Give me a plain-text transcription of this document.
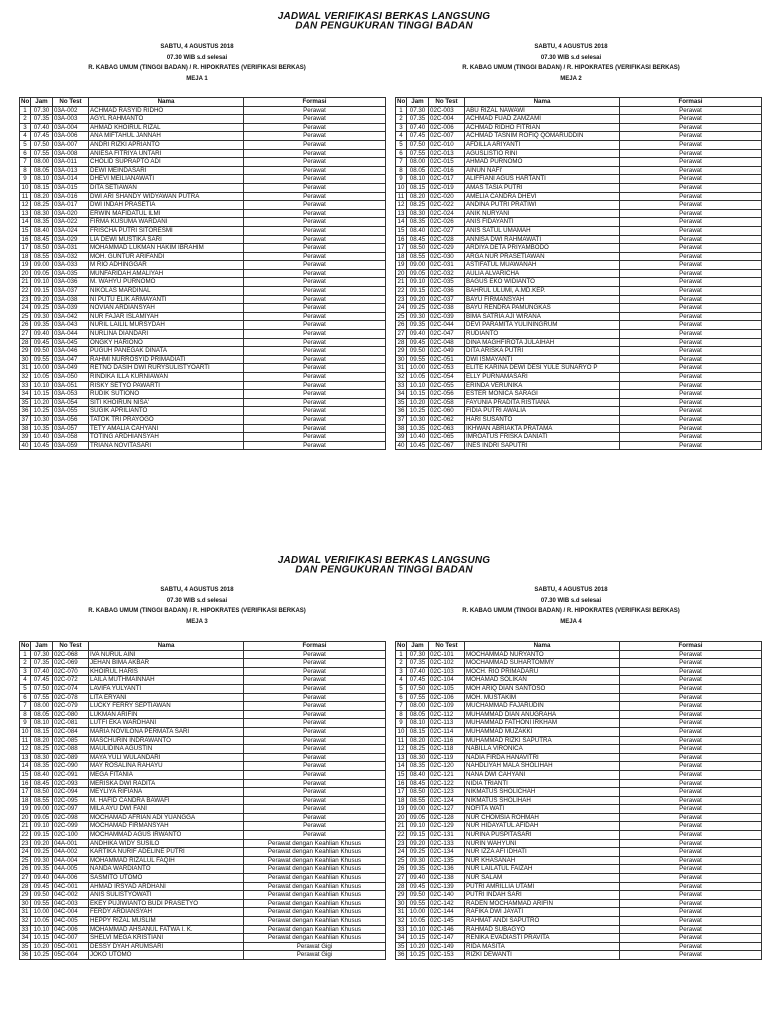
JADWAL VERIFIKASI BERKAS LANGSUNG
DAN PENGUKURAN TINGGI BADAN
SABTU, 4 AGUSTUS 2018
07.30 WIB s.d selesai
R. KABAG UMUM (TINGGI BADAN) / R. HIPOKRATES (VERIFIKASI BERKAS)
MEJA 1
SABTU, 4 AGUSTUS 2018
07.30 WIB s.d selesai
R. KABAG UMUM (TINGGI BADAN) / R. HIPOKRATES (VERIFIKASI BERKAS)
MEJA 2
No	Jam	No Test	Nama	Formasi
1	07.30	03A-002	ACHMAD RASYID RIDHO	Perawat
2	07.35	03A-003	AGYL RAHMANTO	Perawat
3	07.40	03A-004	AHMAD KHOIRUL RIZAL	Perawat
4	07.45	03A-006	ANA MIFTAHUL JANNAH	Perawat
5	07.50	03A-007	ANDRI RIZKI APRIANTO	Perawat
6	07.55	03A-008	ANIESA FITRIYA UNTARI	Perawat
7	08.00	03A-011	CHOLID SUPRAPTO ADI	Perawat
8	08.05	03A-013	DEWI MEINDASARI	Perawat
9	08.10	03A-014	DHEVI MEILIANAWATI	Perawat
10	08.15	03A-015	DITA SETIAWAN	Perawat
11	08.20	03A-016	DWI ARI SHANDY WIDYAWAN PUTRA	Perawat
12	08.25	03A-017	DWI INDAH PRASETIA	Perawat
13	08.30	03A-020	ERWIN MAFIDATUL ILMI	Perawat
14	08.35	03A-022	FIRMA KUSUMA WARDANI	Perawat
15	08.40	03A-024	FRISCHA PUTRI SITORESMI	Perawat
16	08.45	03A-029	LIA DEWI MUSTIKA SARI	Perawat
17	08.50	03A-031	MOHAMMAD LUKMAN HAKIM IBRAHIM	Perawat
18	08.55	03A-032	MOH. GUNTUR ARIFANDI	Perawat
19	09.00	03A-033	M RIO ADHINGGAR	Perawat
20	09.05	03A-035	MUNFARIDAH AMALIYAH	Perawat
21	09.10	03A-036	M. WAHYU PURNOMO	Perawat
22	09.15	03A-037	NIKOLAS MARDINAL	Perawat
23	09.20	03A-038	NI PUTU ELIK ARMAYANTI	Perawat
24	09.25	03A-039	NOVIAN ARDIANSYAH	Perawat
25	09.30	03A-042	NUR FAJAR ISLAMIYAH	Perawat
26	09.35	03A-043	NURIL LAILIL MURSYDAH	Perawat
27	09.40	03A-044	NURLINA DIANDARI	Perawat
28	09.45	03A-045	ONGKY HARIONO	Perawat
29	09.50	03A-046	PUGUH PANEGAK DINATA	Perawat
30	09.55	03A-047	RAHMI NURROSYID PRIMADIATI	Perawat
31	10.00	03A-049	RETNO DASIH DWI RURYSULISTYOARTI	Perawat
32	10.05	03A-050	RINDIKA ILLA KURNIAWAN	Perawat
33	10.10	03A-051	RISKY SETYO PAWARTI	Perawat
34	10.15	03A-053	RUDIK SUTIONO	Perawat
35	10.20	03A-054	SITI KHOIRUN NISA'	Perawat
36	10.25	03A-055	SUGIK APRILIANTO	Perawat
37	10.30	03A-056	TATOK TRI PRAYOGO	Perawat
38	10.35	03A-057	TETY AMALIA CAHYANI	Perawat
39	10.40	03A-058	TOTING ARDHIANSYAH	Perawat
40	10.45	03A-059	TRIANA NOVITASARI	Perawat
No	Jam	No Test	Nama	Formasi
1	07.30	02C-003	ABU RIZAL NAWAWI	Perawat
2	07.35	02C-004	ACHMAD FUAD ZAMZAMI	Perawat
3	07.40	02C-006	ACHMAD RIDHO FITRIAN	Perawat
4	07.45	02C-007	ACHMAD TASNIM ROFIQ QOMARUDDIN	Perawat
5	07.50	02C-010	AFDILLA ARIYANTI	Perawat
6	07.55	02C-013	AGUSLISTIO RINI	Perawat
7	08.00	02C-015	AHMAD PURNOMO	Perawat
8	08.05	02C-016	AINUN NAFI'	Perawat
9	08.10	02C-017	ALIFFIANI AGUS HARTANTI	Perawat
10	08.15	02C-019	AMAS TASIA PUTRI	Perawat
11	08.20	02C-020	AMELIA CANDRA DHEVI	Perawat
12	08.25	02C-022	ANDINA PUTRI PRATIWI	Perawat
13	08.30	02C-024	ANIK NURYANI	Perawat
14	08.35	02C-026	ANIS FIDAYANTI	Perawat
15	08.40	02C-027	ANIS SATUL UMAMAH	Perawat
16	08.45	02C-028	ANNISA DWI RAHMAWATI	Perawat
17	08.50	02C-029	ARDIYA DETA PRIYAMBODO	Perawat
18	08.55	02C-030	ARGA NUR PRASETIAWAN	Perawat
19	09.00	02C-031	ASTIFATUL MUAWANAH	Perawat
20	09.05	02C-032	AULIA ALVARICHA	Perawat
21	09.10	02C-035	BAGUS EKO WIDIANTO	Perawat
22	09.15	02C-036	BAHRUL ULUMI, A.MD.KEP.	Perawat
23	09.20	02C-037	BAYU FIRMANSYAH	Perawat
24	09.25	02C-038	BAYU RENDRA PAMUNGKAS	Perawat
25	09.30	02C-039	BIMA SATRIA AJI WIRANA	Perawat
26	09.35	02C-044	DEVI PARAMITA YULININGRUM	Perawat
27	09.40	02C-047	RUDIANTO	Perawat
28	09.45	02C-048	DINA MAGHFIROTA JULAIHAH	Perawat
29	09.50	02C-049	DITA ARISKA PUTRI	Perawat
30	09.55	02C-051	DWI ISMAYANTI	Perawat
31	10.00	02C-053	ELITE KARINA DEWI DESI YULE SUNARYO P	Perawat
32	10.05	02C-054	ELLY PURNAMASARI	Perawat
33	10.10	02C-055	ERINDA VERUNIKA	Perawat
34	10.15	02C-056	ESTER MONICA SARAGI	Perawat
35	10.20	02C-058	FAYUNIA PRADITA RISTIANA	Perawat
36	10.25	02C-060	FIDIA PUTRI AWALIA	Perawat
37	10.30	02C-062	HARI SUSANTO	Perawat
38	10.35	02C-063	IKHWAN ABRIAKTA PRATAMA	Perawat
39	10.40	02C-065	IMROATUS FRISKA DANIATI	Perawat
40	10.45	02C-067	INES INDRI SAPUTRI	Perawat
JADWAL VERIFIKASI BERKAS LANGSUNG
DAN PENGUKURAN TINGGI BADAN
SABTU, 4 AGUSTUS 2018
07.30 WIB s.d selesai
R. KABAG UMUM (TINGGI BADAN) / R. HIPOKRATES (VERIFIKASI BERKAS)
MEJA 3
SABTU, 4 AGUSTUS 2018
07.30 WIB s.d selesai
R. KABAG UMUM (TINGGI BADAN) / R. HIPOKRATES (VERIFIKASI BERKAS)
MEJA 4
No	Jam	No Test	Nama	Formasi
1	07.30	02C-068	IVA NURUL AINI	Perawat
2	07.35	02C-069	JEHAN BIMA AKBAR	Perawat
3	07.40	02C-070	KHOIRUL HARIS	Perawat
4	07.45	02C-072	LAILA MUTHMAINNAH	Perawat
5	07.50	02C-074	LAVIFA YULYANTI	Perawat
6	07.55	02C-078	LITA ERYANI	Perawat
7	08.00	02C-079	LUCKY FERRY SEPTIAWAN	Perawat
8	08.05	02C-080	LUKMAN ARIFIN	Perawat
9	08.10	02C-081	LUTFI EKA WARDHANI	Perawat
10	08.15	02C-084	MARIA NOVILONA PERMATA SARI	Perawat
11	08.20	02C-085	MASCHURIN INDRAWANTO	Perawat
12	08.25	02C-088	MAULIDINA AGUSTIN	Perawat
13	08.30	02C-089	MAYA YULI WULANDARI	Perawat
14	08.35	02C-090	MAY ROSALINA RAHAYU	Perawat
15	08.40	02C-091	MEGA FITANIA	Perawat
16	08.45	02C-093	MERISKA DWI RADITA	Perawat
17	08.50	02C-094	MEYLIYA RIFIANA	Perawat
18	08.55	02C-095	M. HAFID CANDRA BAWAFI	Perawat
19	09.00	02C-097	MILA AYU DWI FANI	Perawat
20	09.05	02C-098	MOCHAMAD AFRIAN ADI YUANGGA	Perawat
21	09.10	02C-099	MOCHAMAD FIRMANSYAH	Perawat
22	09.15	02C-100	MOCHAMMAD AGUS IRWANTO	Perawat
23	09.20	04A-001	ANDHIKA WIDY SUSILO	Perawat dengan Keahlian Khusus
24	09.25	04A-002	KARTIKA NURIF ADELINE PUTRI	Perawat dengan Keahlian Khusus
25	09.30	04A-004	MOHAMMAD RIZALUL FAQIH	Perawat dengan Keahlian Khusus
26	09.35	04A-005	NANDA WARDIANTO	Perawat dengan Keahlian Khusus
27	09.40	04A-006	SASMITO UTOMO	Perawat dengan Keahlian Khusus
28	09.45	04C-001	AHMAD IRSYAD ARDHANI	Perawat dengan Keahlian Khusus
29	09.50	04C-002	ANIS SULISTYOWATI	Perawat dengan Keahlian Khusus
30	09.55	04C-003	EKEY PUJIWIANTO BUDI PRASETYO	Perawat dengan Keahlian Khusus
31	10.00	04C-004	FERDY ARDIANSYAH	Perawat dengan Keahlian Khusus
32	10.05	04C-005	HEPPY RIZAL MUSLIM	Perawat dengan Keahlian Khusus
33	10.10	04C-006	MOHAMMAD AHSANUL FATWA I. K.	Perawat dengan Keahlian Khusus
34	10.15	04C-007	SHELVI MEGA KRISTIANI	Perawat dengan Keahlian Khusus
35	10.20	05C-001	DESSY DYAH ARUMSARI	Perawat Gigi
36	10.25	05C-004	JOKO UTOMO	Perawat Gigi
No	Jam	No Test	Nama	Formasi
1	07.30	02C-101	MOCHAMMAD NURYANTO	Perawat
2	07.35	02C-102	MOCHAMMAD SUHARTOMMY	Perawat
3	07.40	02C-103	MOCH. RIO PRIMADARU	Perawat
4	07.45	02C-104	MOHAMAD SOLIKAN	Perawat
5	07.50	02C-105	MOH ARIQ DIAN SANTOSO	Perawat
6	07.55	02C-106	MOH. MUSTAKIM	Perawat
7	08.00	02C-109	MUCHAMMAD FAJARUDIN	Perawat
8	08.05	02C-112	MUHAMMAD DIAN ANUGRAHA	Perawat
9	08.10	02C-113	MUHAMMAD FATHONI IRKHAM	Perawat
10	08.15	02C-114	MUHAMMAD MUZAKKI	Perawat
11	08.20	02C-116	MUHAMMAD RIZKI SAPUTRA	Perawat
12	08.25	02C-118	NABILLA VIRONICA	Perawat
13	08.30	02C-119	NADIA FIRDA HANAVITRI	Perawat
14	08.35	02C-120	NAHDLIYAH MALA SHOLIHAH	Perawat
15	08.40	02C-121	NANA DWI CAHYANI	Perawat
16	08.45	02C-122	NIDIA TRIANTI	Perawat
17	08.50	02C-123	NIKMATUS SHOLICHAH	Perawat
18	08.55	02C-124	NIKMATUS SHOLIHAH	Perawat
19	09.00	02C-127	NOFITA WATI	Perawat
20	09.05	02C-128	NUR CHOMSIA ROHMAH	Perawat
21	09.10	02C-129	NUR HIDAYATUL AFIDAH	Perawat
22	09.15	02C-131	NURINA PUSPITASARI	Perawat
23	09.20	02C-133	NURIN WAHYUNI	Perawat
24	09.25	02C-134	NUR IZZA AFI IDHATI	Perawat
25	09.30	02C-135	NUR KHASANAH	Perawat
26	09.35	02C-136	NUR LAILATUL FAIZAH	Perawat
27	09.40	02C-138	NUR SALAM	Perawat
28	09.45	02C-139	PUTRI AMRILLIA UTAMI	Perawat
29	09.50	02C-140	PUTRI INDAH SARI	Perawat
30	09.55	02C-142	RADEN MOCHAMMAD ARIFIN	Perawat
31	10.00	02C-144	RAFIKA DWI JAYATI	Perawat
32	10.05	02C-145	RAHMAT ANDI SAPUTRO	Perawat
33	10.10	02C-146	RAHMAD SUBAGYO	Perawat
34	10.15	02C-147	RENIKA EVADIASTI PRAVITA	Perawat
35	10.20	02C-149	RIDA MASITA	Perawat
36	10.25	02C-153	RIZKI DEWANTI	Perawat
